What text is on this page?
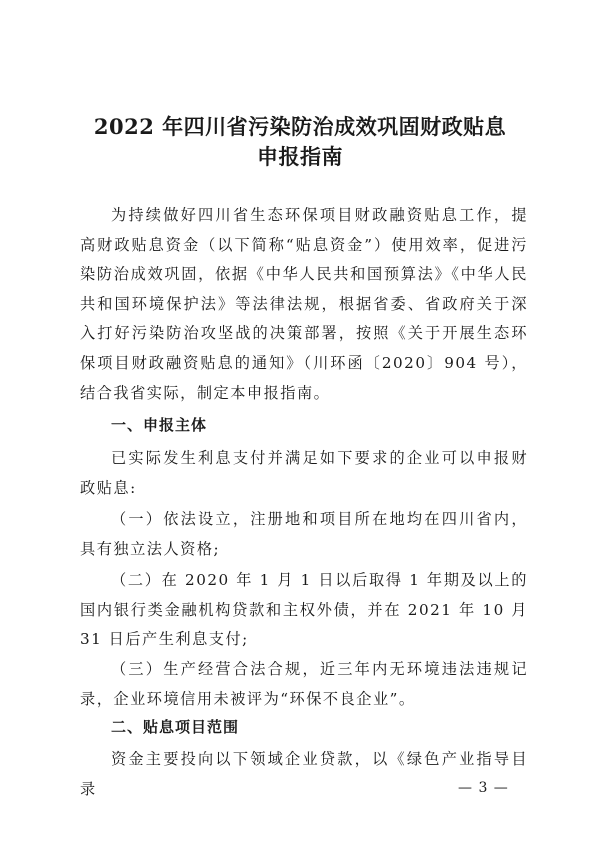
2022 年四川省污染防治成效巩固财政贴息
申报指南

为持续做好四川省生态环保项目财政融资贴息工作，提高财政贴息资金（以下简称“贴息资金”）使用效率，促进污染防治成效巩固，依据《中华人民共和国预算法》《中华人民共和国环境保护法》等法律法规，根据省委、省政府关于深入打好污染防治攻坚战的决策部署，按照《关于开展生态环保项目财政融资贴息的通知》（川环函〔2020〕904 号），结合我省实际，制定本申报指南。

一、申报主体

已实际发生利息支付并满足如下要求的企业可以申报财政贴息:

（一）依法设立，注册地和项目所在地均在四川省内，具有独立法人资格;

（二）在 2020 年 1 月 1 日以后取得 1 年期及以上的国内银行类金融机构贷款和主权外债，并在 2021 年 10 月 31 日后产生利息支付;

（三）生产经营合法合规，近三年内无环境违法违规记录，企业环境信用未被评为“环保不良企业”。

二、贴息项目范围

资金主要投向以下领域企业贷款，以《绿色产业指导目录	— 3 —
